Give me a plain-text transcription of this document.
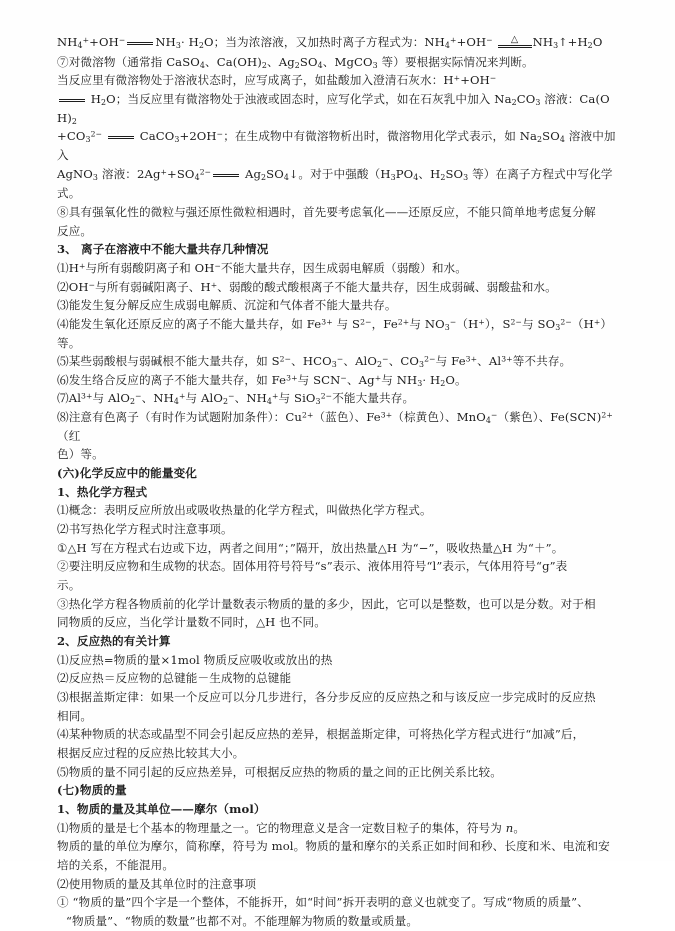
$NH_4^++OH^-$	$NH_3\cdot H_2O$；当为浓溶液，又加热时离子方程式为：$NH_4^++OH^-$ △ $NH_3↑+H_2O$
⑦对微溶物（通常指 CaSO$_4$、$Ca(OH)_2$、$Ag_2SO_4$、MgCO$_3$ 等）要根据实际情况来判断。
当反应里有微溶物处于溶液状态时，应写成离子，如盐酸加入澄清石灰水：H++OH−
$H_2O$；当反应里有微溶物处于浊液或固态时，应写化学式，如在石灰乳中加入 $Na_2CO_3$ 溶液：$Ca(OH)_2$
$+CO_3^{2-}$	CaCO$_3$+2OH−；在生成物中有微溶物析出时，微溶物用化学式表示，如 $Na_2SO_4$ 溶液中加入
AgNO$_3$ 溶液：$2Ag^++SO_4^{2-}$	$Ag_2SO_4↓$。对于中强酸（$H_3PO_4$、$H_2SO_3$ 等）在离子方程式中写化学式。
⑧具有强氧化性的微粒与强还原性微粒相遇时，首先要考虑氧化——还原反应，不能只简单地考虑复分解
反应。
3、 离子在溶液中不能大量共存几种情况
⑴H+与所有弱酸阴离子和 OH−不能大量共存，因生成弱电解质（弱酸）和水。
⑵OH−与所有弱碱阳离子、H+、弱酸的酸式酸根离子不能大量共存，因生成弱碱、弱酸盐和水。
⑶能发生复分解反应生成弱电解质、沉淀和气体者不能大量共存。
⑷能发生氧化还原反应的离子不能大量共存，如 $Fe^{3+}$ 与 $S^{2-}$，$Fe^{2+}$与 $NO_3^-(H^+)$，$S^{2-}$与 $SO_3^{2-}(H^+)$等。
⑸某些弱酸根与弱碱根不能大量共存，如 $S^{2-}$、$HCO_3^-$、AlO$_2$−、$CO_3^{2-}$与 $Fe^{3+}$、$Al^{3+}$等不共存。
⑹发生络合反应的离子不能大量共存，如 $Fe^{3+}$与 SCN−、Ag+与 $NH_3\cdot H_2O$。
$⑺Al^{3+}$与 AlO$_2$−、$NH_4^+$与 AlO$_2$−、$NH_4^+$与 SiO$_3^{2-}$不能大量共存。
⑻注意有色离子（有时作为试题附加条件）：$Cu^{2+}$（蓝色）、$Fe^{3+}$（棕黄色）、MnO$_4$−（紫色）、Fe(SCN)$^{2+}$（红
色）等。
(六)化学反应中的能量变化
1、热化学方程式
⑴概念：表明反应所放出或吸收热量的化学方程式，叫做热化学方程式。
⑵书写热化学方程式时注意事项。
①△H 写在方程式右边或下边，两者之间用“；”隔开，放出热量△H 为“−”，吸收热量△H 为“＋”。
②要注明反应物和生成物的状态。固体用符号符号“s”表示、液体用符号“l”表示，气体用符号“g”表
示。
③热化学方程各物质前的化学计量数表示物质的量的多少，因此，它可以是整数，也可以是分数。对于相
同物质的反应，当化学计量数不同时，△H 也不同。
2、反应热的有关计算
⑴反应热=物质的量×1mol 物质反应吸收或放出的热
⑵反应热＝反应物的总键能－生成物的总键能
⑶根据盖斯定律：如果一个反应可以分几步进行，各分步反应的反应热之和与该反应一步完成时的反应热
相同。
⑷某种物质的状态或晶型不同会引起反应热的差异，根据盖斯定律，可将热化学方程式进行“加减”后，
根据反应过程的反应热比较其大小。
⑸物质的量不同引起的反应热差异，可根据反应热的物质的量之间的正比例关系比较。
(七)物质的量
1、物质的量及其单位——摩尔（mol）
⑴物质的量是七个基本的物理量之一。它的物理意义是含一定数目粒子的集体，符号为 n。
物质的量的单位为摩尔，简称摩，符号为 mol。物质的量和摩尔的关系正如时间和秒、长度和米、电流和安
培的关系，不能混用。
⑵使用物质的量及其单位时的注意事项
① “物质的量”四个字是一个整体，不能拆开，如“时间”拆开表明的意义也就变了。写成“物质的质量”、
“物质量”、“物质的数量”也都不对。不能理解为物质的数量或质量。
